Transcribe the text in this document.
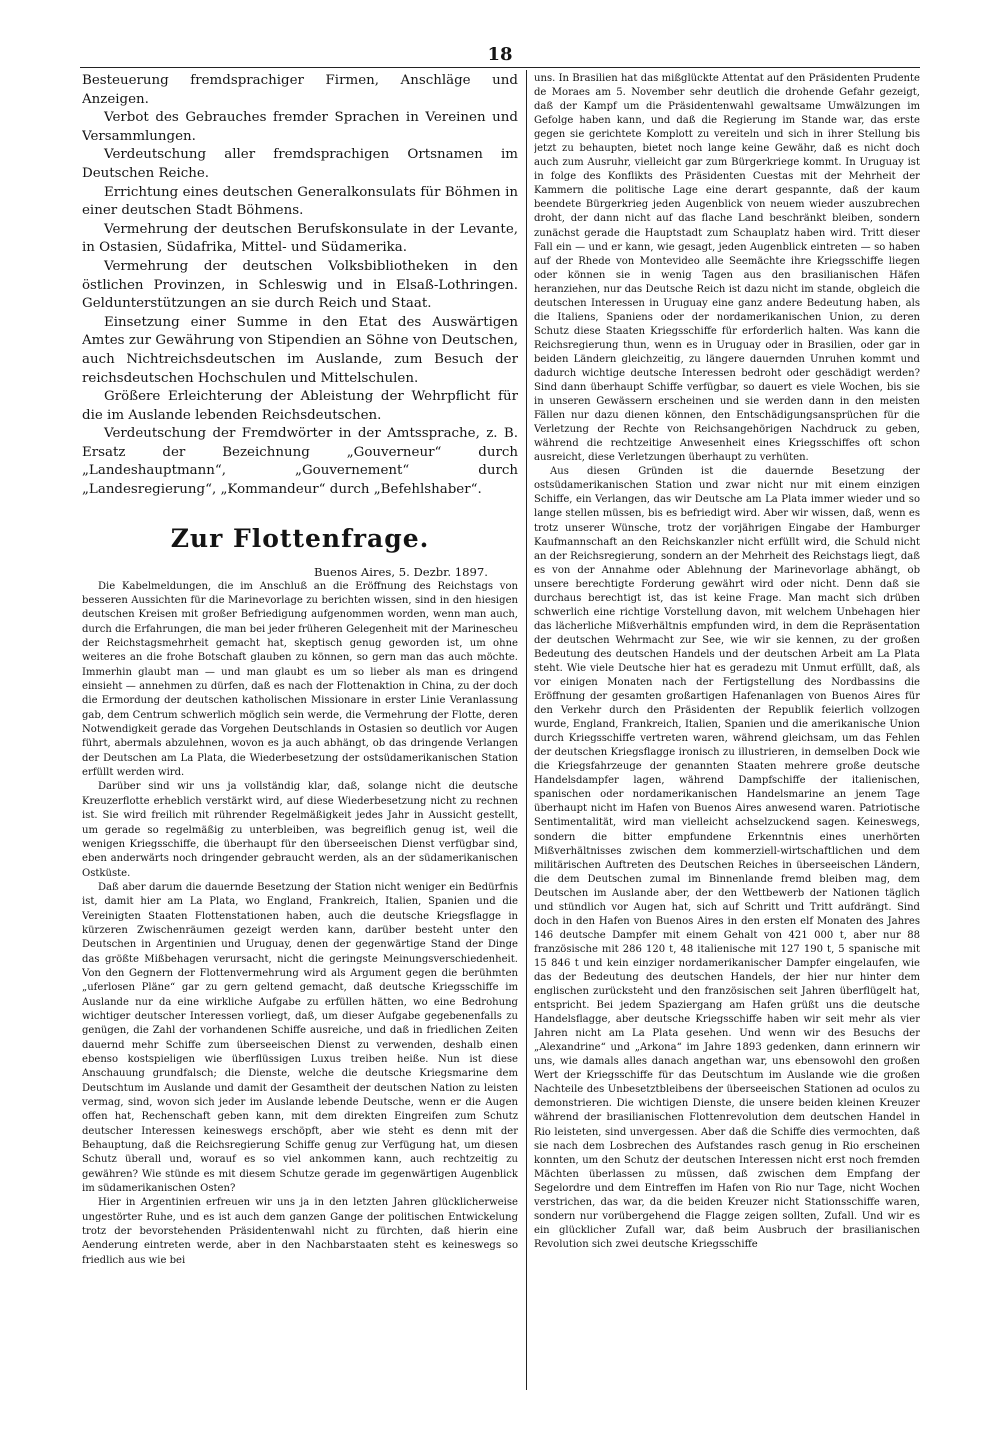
18

Besteuerung fremdsprachiger Firmen, Anschläge und Anzeigen.

Verbot des Gebrauches fremder Sprachen in Vereinen und Versammlungen.

Verdeutschung aller fremdsprachigen Ortsnamen im Deutschen Reiche.

Errichtung eines deutschen Generalkonsulats für Böhmen in einer deutschen Stadt Böhmens.

Vermehrung der deutschen Berufskonsulate in der Levante, in Ostasien, Südafrika, Mittel- und Südamerika.

Vermehrung der deutschen Volksbibliotheken in den östlichen Provinzen, in Schleswig und in Elsaß-Lothringen. Geldunterstützungen an sie durch Reich und Staat.

Einsetzung einer Summe in den Etat des Auswärtigen Amtes zur Gewährung von Stipendien an Söhne von Deutschen, auch Nichtreichsdeutschen im Auslande, zum Besuch der reichsdeutschen Hochschulen und Mittelschulen.

Größere Erleichterung der Ableistung der Wehrpflicht für die im Auslande lebenden Reichsdeutschen.

Verdeutschung der Fremdwörter in der Amtssprache, z. B. Ersatz der Bezeichnung „Gouverneur“ durch „Landeshauptmann“, „Gouvernement“ durch „Landesregierung“, „Kommandeur“ durch „Befehlshaber“.

Zur Flottenfrage.

Buenos Aires, 5. Dezbr. 1897.

Die Kabelmeldungen, die im Anschluß an die Eröffnung des Reichstags von besseren Aussichten für die Marinevorlage zu berichten wissen, sind in den hiesigen deutschen Kreisen mit großer Befriedigung aufgenommen worden, wenn man auch, durch die Erfahrungen, die man bei jeder früheren Gelegenheit mit der Marinescheu der Reichstagsmehrheit gemacht hat, skeptisch genug geworden ist, um ohne weiteres an die frohe Botschaft glauben zu können, so gern man das auch möchte. Immerhin glaubt man — und man glaubt es um so lieber als man es dringend einsieht — annehmen zu dürfen, daß es nach der Flottenaktion in China, zu der doch die Ermordung der deutschen katholischen Missionare in erster Linie Veranlassung gab, dem Centrum schwerlich möglich sein werde, die Vermehrung der Flotte, deren Notwendigkeit gerade das Vorgehen Deutschlands in Ostasien so deutlich vor Augen führt, abermals abzulehnen, wovon es ja auch abhängt, ob das dringende Verlangen der Deutschen am La Plata, die Wiederbesetzung der ostsüdamerikanischen Station erfüllt werden wird.

Darüber sind wir uns ja vollständig klar, daß, solange nicht die deutsche Kreuzerflotte erheblich verstärkt wird, auf diese Wiederbesetzung nicht zu rechnen ist. Sie wird freilich mit rührender Regelmäßigkeit jedes Jahr in Aussicht gestellt, um gerade so regelmäßig zu unterbleiben, was begreiflich genug ist, weil die wenigen Kriegsschiffe, die überhaupt für den überseeischen Dienst verfügbar sind, eben anderwärts noch dringender gebraucht werden, als an der südamerikanischen Ostküste.

Daß aber darum die dauernde Besetzung der Station nicht weniger ein Bedürfnis ist, damit hier am La Plata, wo England, Frankreich, Italien, Spanien und die Vereinigten Staaten Flottenstationen haben, auch die deutsche Kriegsflagge in kürzeren Zwischenräumen gezeigt werden kann, darüber besteht unter den Deutschen in Argentinien und Uruguay, denen der gegenwärtige Stand der Dinge das größte Mißbehagen verursacht, nicht die geringste Meinungsverschiedenheit. Von den Gegnern der Flottenvermehrung wird als Argument gegen die berühmten „uferlosen Pläne“ gar zu gern geltend gemacht, daß deutsche Kriegsschiffe im Auslande nur da eine wirkliche Aufgabe zu erfüllen hätten, wo eine Bedrohung wichtiger deutscher Interessen vorliegt, daß, um dieser Aufgabe gegebenenfalls zu genügen, die Zahl der vorhandenen Schiffe ausreiche, und daß in friedlichen Zeiten dauernd mehr Schiffe zum überseeischen Dienst zu verwenden, deshalb einen ebenso kostspieligen wie überflüssigen Luxus treiben heiße. Nun ist diese Anschauung grundfalsch; die Dienste, welche die deutsche Kriegsmarine dem Deutschtum im Auslande und damit der Gesamtheit der deutschen Nation zu leisten vermag, sind, wovon sich jeder im Auslande lebende Deutsche, wenn er die Augen offen hat, Rechenschaft geben kann, mit dem direkten Eingreifen zum Schutz deutscher Interessen keineswegs erschöpft, aber wie steht es denn mit der Behauptung, daß die Reichsregierung Schiffe genug zur Verfügung hat, um diesen Schutz überall und, worauf es so viel ankommen kann, auch rechtzeitig zu gewähren? Wie stünde es mit diesem Schutze gerade im gegenwärtigen Augenblick im südamerikanischen Osten?

Hier in Argentinien erfreuen wir uns ja in den letzten Jahren glücklicherweise ungestörter Ruhe, und es ist auch dem ganzen Gange der politischen Entwickelung trotz der bevorstehenden Präsidentenwahl nicht zu fürchten, daß hierin eine Aenderung eintreten werde, aber in den Nachbarstaaten steht es keineswegs so friedlich aus wie bei

uns. In Brasilien hat das mißglückte Attentat auf den Präsidenten Prudente de Moraes am 5. November sehr deutlich die drohende Gefahr gezeigt, daß der Kampf um die Präsidentenwahl gewaltsame Umwälzungen im Gefolge haben kann, und daß die Regierung im Stande war, das erste gegen sie gerichtete Komplott zu vereiteln und sich in ihrer Stellung bis jetzt zu behaupten, bietet noch lange keine Gewähr, daß es nicht doch auch zum Ausruhr, vielleicht gar zum Bürgerkriege kommt. In Uruguay ist in folge des Konflikts des Präsidenten Cuestas mit der Mehrheit der Kammern die politische Lage eine derart gespannte, daß der kaum beendete Bürgerkrieg jeden Augenblick von neuem wieder auszubrechen droht, der dann nicht auf das flache Land beschränkt bleiben, sondern zunächst gerade die Hauptstadt zum Schauplatz haben wird. Tritt dieser Fall ein — und er kann, wie gesagt, jeden Augenblick eintreten — so haben auf der Rhede von Montevideo alle Seemächte ihre Kriegsschiffe liegen oder können sie in wenig Tagen aus den brasilianischen Häfen heranziehen, nur das Deutsche Reich ist dazu nicht im stande, obgleich die deutschen Interessen in Uruguay eine ganz andere Bedeutung haben, als die Italiens, Spaniens oder der nordamerikanischen Union, zu deren Schutz diese Staaten Kriegsschiffe für erforderlich halten. Was kann die Reichsregierung thun, wenn es in Uruguay oder in Brasilien, oder gar in beiden Ländern gleichzeitig, zu längere dauernden Unruhen kommt und dadurch wichtige deutsche Interessen bedroht oder geschädigt werden? Sind dann überhaupt Schiffe verfügbar, so dauert es viele Wochen, bis sie in unseren Gewässern erscheinen und sie werden dann in den meisten Fällen nur dazu dienen können, den Entschädigungsansprüchen für die Verletzung der Rechte von Reichsangehörigen Nachdruck zu geben, während die rechtzeitige Anwesenheit eines Kriegsschiffes oft schon ausreicht, diese Verletzungen überhaupt zu verhüten.

Aus diesen Gründen ist die dauernde Besetzung der ostsüdamerikanischen Station und zwar nicht nur mit einem einzigen Schiffe, ein Verlangen, das wir Deutsche am La Plata immer wieder und so lange stellen müssen, bis es befriedigt wird. Aber wir wissen, daß, wenn es trotz unserer Wünsche, trotz der vorjährigen Eingabe der Hamburger Kaufmannschaft an den Reichskanzler nicht erfüllt wird, die Schuld nicht an der Reichsregierung, sondern an der Mehrheit des Reichstags liegt, daß es von der Annahme oder Ablehnung der Marinevorlage abhängt, ob unsere berechtigte Forderung gewährt wird oder nicht. Denn daß sie durchaus berechtigt ist, das ist keine Frage. Man macht sich drüben schwerlich eine richtige Vorstellung davon, mit welchem Unbehagen hier das lächerliche Mißverhältnis empfunden wird, in dem die Repräsentation der deutschen Wehrmacht zur See, wie wir sie kennen, zu der großen Bedeutung des deutschen Handels und der deutschen Arbeit am La Plata steht. Wie viele Deutsche hier hat es geradezu mit Unmut erfüllt, daß, als vor einigen Monaten nach der Fertigstellung des Nordbassins die Eröffnung der gesamten großartigen Hafenanlagen von Buenos Aires für den Verkehr durch den Präsidenten der Republik feierlich vollzogen wurde, England, Frankreich, Italien, Spanien und die amerikanische Union durch Kriegsschiffe vertreten waren, während gleichsam, um das Fehlen der deutschen Kriegsflagge ironisch zu illustrieren, in demselben Dock wie die Kriegsfahrzeuge der genannten Staaten mehrere große deutsche Handelsdampfer lagen, während Dampfschiffe der italienischen, spanischen oder nordamerikanischen Handelsmarine an jenem Tage überhaupt nicht im Hafen von Buenos Aires anwesend waren. Patriotische Sentimentalität, wird man vielleicht achselzuckend sagen. Keineswegs, sondern die bitter empfundene Erkenntnis eines unerhörten Mißverhältnisses zwischen dem kommerziell-wirtschaftlichen und dem militärischen Auftreten des Deutschen Reiches in überseeischen Ländern, die dem Deutschen zumal im Binnenlande fremd bleiben mag, dem Deutschen im Auslande aber, der den Wettbewerb der Nationen täglich und stündlich vor Augen hat, sich auf Schritt und Tritt aufdrängt. Sind doch in den Hafen von Buenos Aires in den ersten elf Monaten des Jahres 146 deutsche Dampfer mit einem Gehalt von 421 000 t, aber nur 88 französische mit 286 120 t, 48 italienische mit 127 190 t, 5 spanische mit 15 846 t und kein einziger nordamerikanischer Dampfer eingelaufen, wie das der Bedeutung des deutschen Handels, der hier nur hinter dem englischen zurücksteht und den französischen seit Jahren überflügelt hat, entspricht. Bei jedem Spaziergang am Hafen grüßt uns die deutsche Handelsflagge, aber deutsche Kriegsschiffe haben wir seit mehr als vier Jahren nicht am La Plata gesehen. Und wenn wir des Besuchs der „Alexandrine“ und „Arkona“ im Jahre 1893 gedenken, dann erinnern wir uns, wie damals alles danach angethan war, uns ebensowohl den großen Wert der Kriegsschiffe für das Deutschtum im Auslande wie die großen Nachteile des Unbesetztbleibens der überseeischen Stationen ad oculos zu demonstrieren. Die wichtigen Dienste, die unsere beiden kleinen Kreuzer während der brasilianischen Flottenrevolution dem deutschen Handel in Rio leisteten, sind unvergessen. Aber daß die Schiffe dies vermochten, daß sie nach dem Losbrechen des Aufstandes rasch genug in Rio erscheinen konnten, um den Schutz der deutschen Interessen nicht erst noch fremden Mächten überlassen zu müssen, daß zwischen dem Empfang der Segelordre und dem Eintreffen im Hafen von Rio nur Tage, nicht Wochen verstrichen, das war, da die beiden Kreuzer nicht Stationsschiffe waren, sondern nur vorübergehend die Flagge zeigen sollten, Zufall. Und wir es ein glücklicher Zufall war, daß beim Ausbruch der brasilianischen Revolution sich zwei deutsche Kriegsschiffe
